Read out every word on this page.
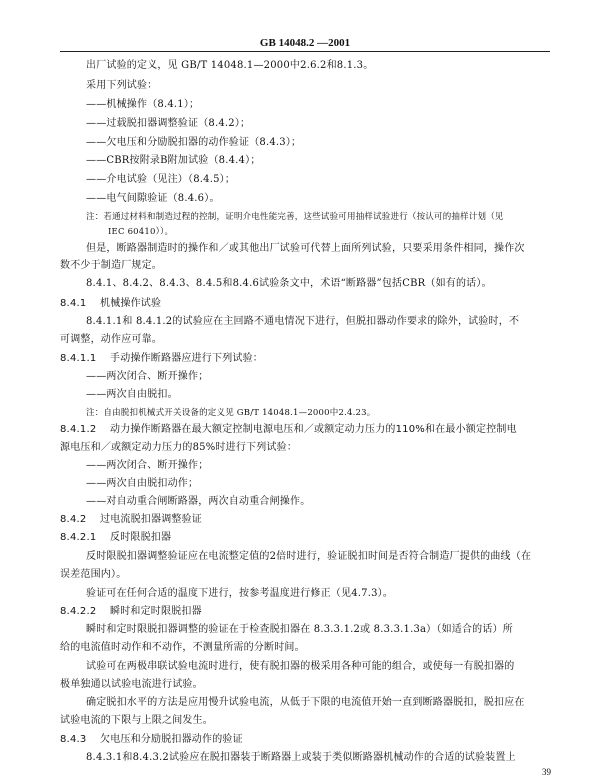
GB 14048.2 —2001
出厂试验的定义，见 GB/T 14048.1—2000中2.6.2和8.1.3。
采用下列试验：
——机械操作（8.4.1）；
——过载脱扣器调整验证（8.4.2）；
——欠电压和分励脱扣器的动作验证（8.4.3）；
——CBR按附录B附加试验（8.4.4）；
——介电试验（见注）（8.4.5）；
——电气间隙验证（8.4.6）。
注：若通过材料和制造过程的控制，证明介电性能完善，这些试验可用抽样试验进行（按认可的抽样计划（见
IEC 60410））。
但是，断路器制造时的操作和／或其他出厂试验可代替上面所列试验，只要采用条件相同，操作次
数不少于制造厂规定。
8.4.1、8.4.2、8.4.3、8.4.5和8.4.6试验条文中，术语“断路器”包括CBR（如有的话）。
8.4.1 机械操作试验
8.4.1.1和 8.4.1.2的试验应在主回路不通电情况下进行，但脱扣器动作要求的除外，试验时，不
可调整，动作应可靠。
8.4.1.1 手动操作断路器应进行下列试验：
——两次闭合、断开操作；
——两次自由脱扣。
注：自由脱扣机械式开关设备的定义见 GB/T 14048.1—2000中2.4.23。
8.4.1.2 动力操作断路器在最大额定控制电源电压和／或额定动力压力的110%和在最小额定控制电
源电压和／或额定动力压力的85%时进行下列试验：
——两次闭合、断开操作；
——两次自由脱扣动作；
——对自动重合闸断路器，两次自动重合闸操作。
8.4.2 过电流脱扣器调整验证
8.4.2.1 反时限脱扣器
反时限脱扣器调整验证应在电流整定值的2倍时进行，验证脱扣时间是否符合制造厂提供的曲线（在
误差范围内）。
验证可在任何合适的温度下进行，按参考温度进行修正（见4.7.3）。
8.4.2.2 瞬时和定时限脱扣器
瞬时和定时限脱扣器调整的验证在于检查脱扣器在 8.3.3.1.2或 8.3.3.1.3a）（如适合的话）所
给的电流值时动作和不动作，不测量所需的分断时间。
试验可在两极串联试验电流时进行，使有脱扣器的极采用各种可能的组合，或使每一有脱扣器的
极单独通以试验电流进行试验。
确定脱扣水平的方法是应用慢升试验电流，从低于下限的电流值开始一直到断路器脱扣，脱扣应在
试验电流的下限与上限之间发生。
8.4.3 欠电压和分励脱扣器动作的验证
8.4.3.1和8.4.3.2试验应在脱扣器装于断路器上或装于类似断路器机械动作的合适的试验装置上
39
